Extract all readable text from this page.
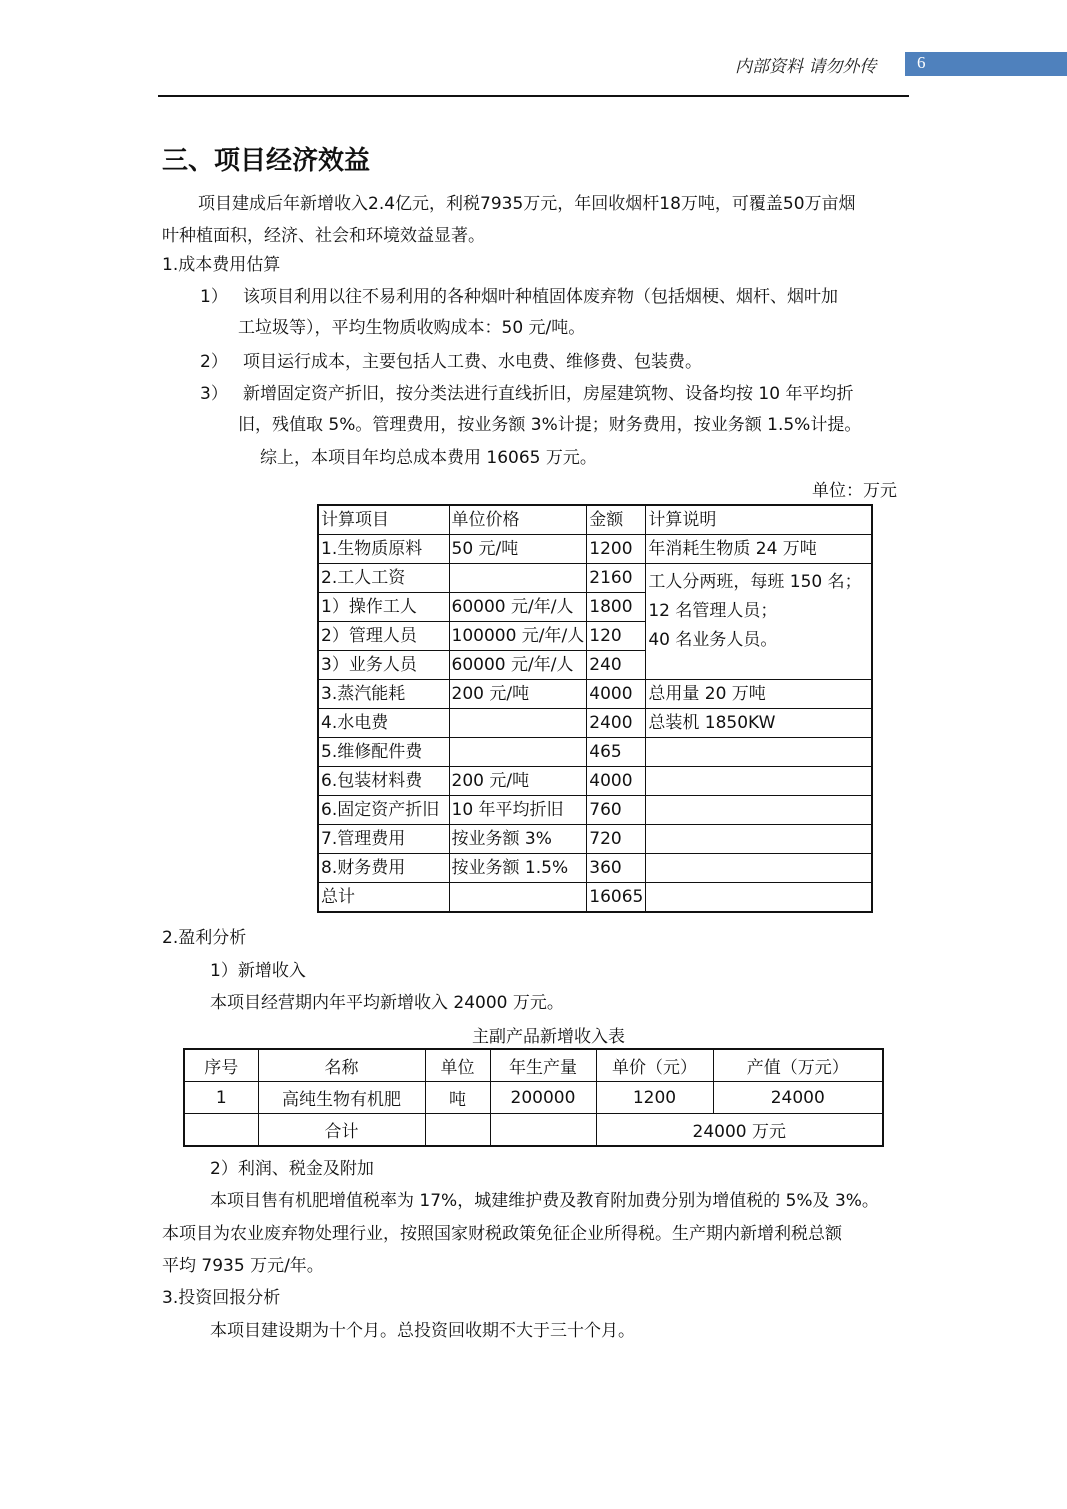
内部资料 请勿外传 6
三、项目经济效益
项目建成后年新增收入2.4亿元，利税7935万元，年回收烟杆18万吨，可覆盖50万亩烟
叶种植面积，经济、社会和环境效益显著。
1.成本费用估算
1） 该项目利用以往不易利用的各种烟叶种植固体废弃物（包括烟梗、烟杆、烟叶加
工垃圾等），平均生物质收购成本：50 元/吨。
2） 项目运行成本，主要包括人工费、水电费、维修费、包装费。
3） 新增固定资产折旧，按分类法进行直线折旧，房屋建筑物、设备均按 10 年平均折
旧，残值取 5%。管理费用，按业务额 3%计提；财务费用，按业务额 1.5%计提。
综上，本项目年均总成本费用 16065 万元。
单位：万元
计算项目	单位价格	金额	计算说明
1.生物质原料	50 元/吨	1200	年消耗生物质 24 万吨
2.工人工资		2160	工人分两班，每班 150 名；
12 名管理人员；
40 名业务人员。

1）操作工人	60000 元/年/人	1800	
2）管理人员	100000 元/年/人	120	
3）业务人员	60000 元/年/人	240	
3.蒸汽能耗	200 元/吨	4000	总用量 20 万吨
4.水电费		2400	总装机 1850KW
5.维修配件费		465	
6.包装材料费	200 元/吨	4000	
6.固定资产折旧	10 年平均折旧	760	
7.管理费用	按业务额 3%	720	
8.财务费用	按业务额 1.5%	360	
总计		16065	
2.盈利分析
1）新增收入
本项目经营期内年平均新增收入 24000 万元。
主副产品新增收入表
序号	名称	单位	年生产量	单价（元）	产值（万元）
1	高纯生物有机肥	吨	200000	1200	24000
	合计			24000 万元	
2）利润、税金及附加
本项目售有机肥增值税率为 17%，城建维护费及教育附加费分别为增值税的 5%及 3%。
本项目为农业废弃物处理行业，按照国家财税政策免征企业所得税。生产期内新增利税总额
平均 7935 万元/年。
3.投资回报分析
本项目建设期为十个月。总投资回收期不大于三十个月。
